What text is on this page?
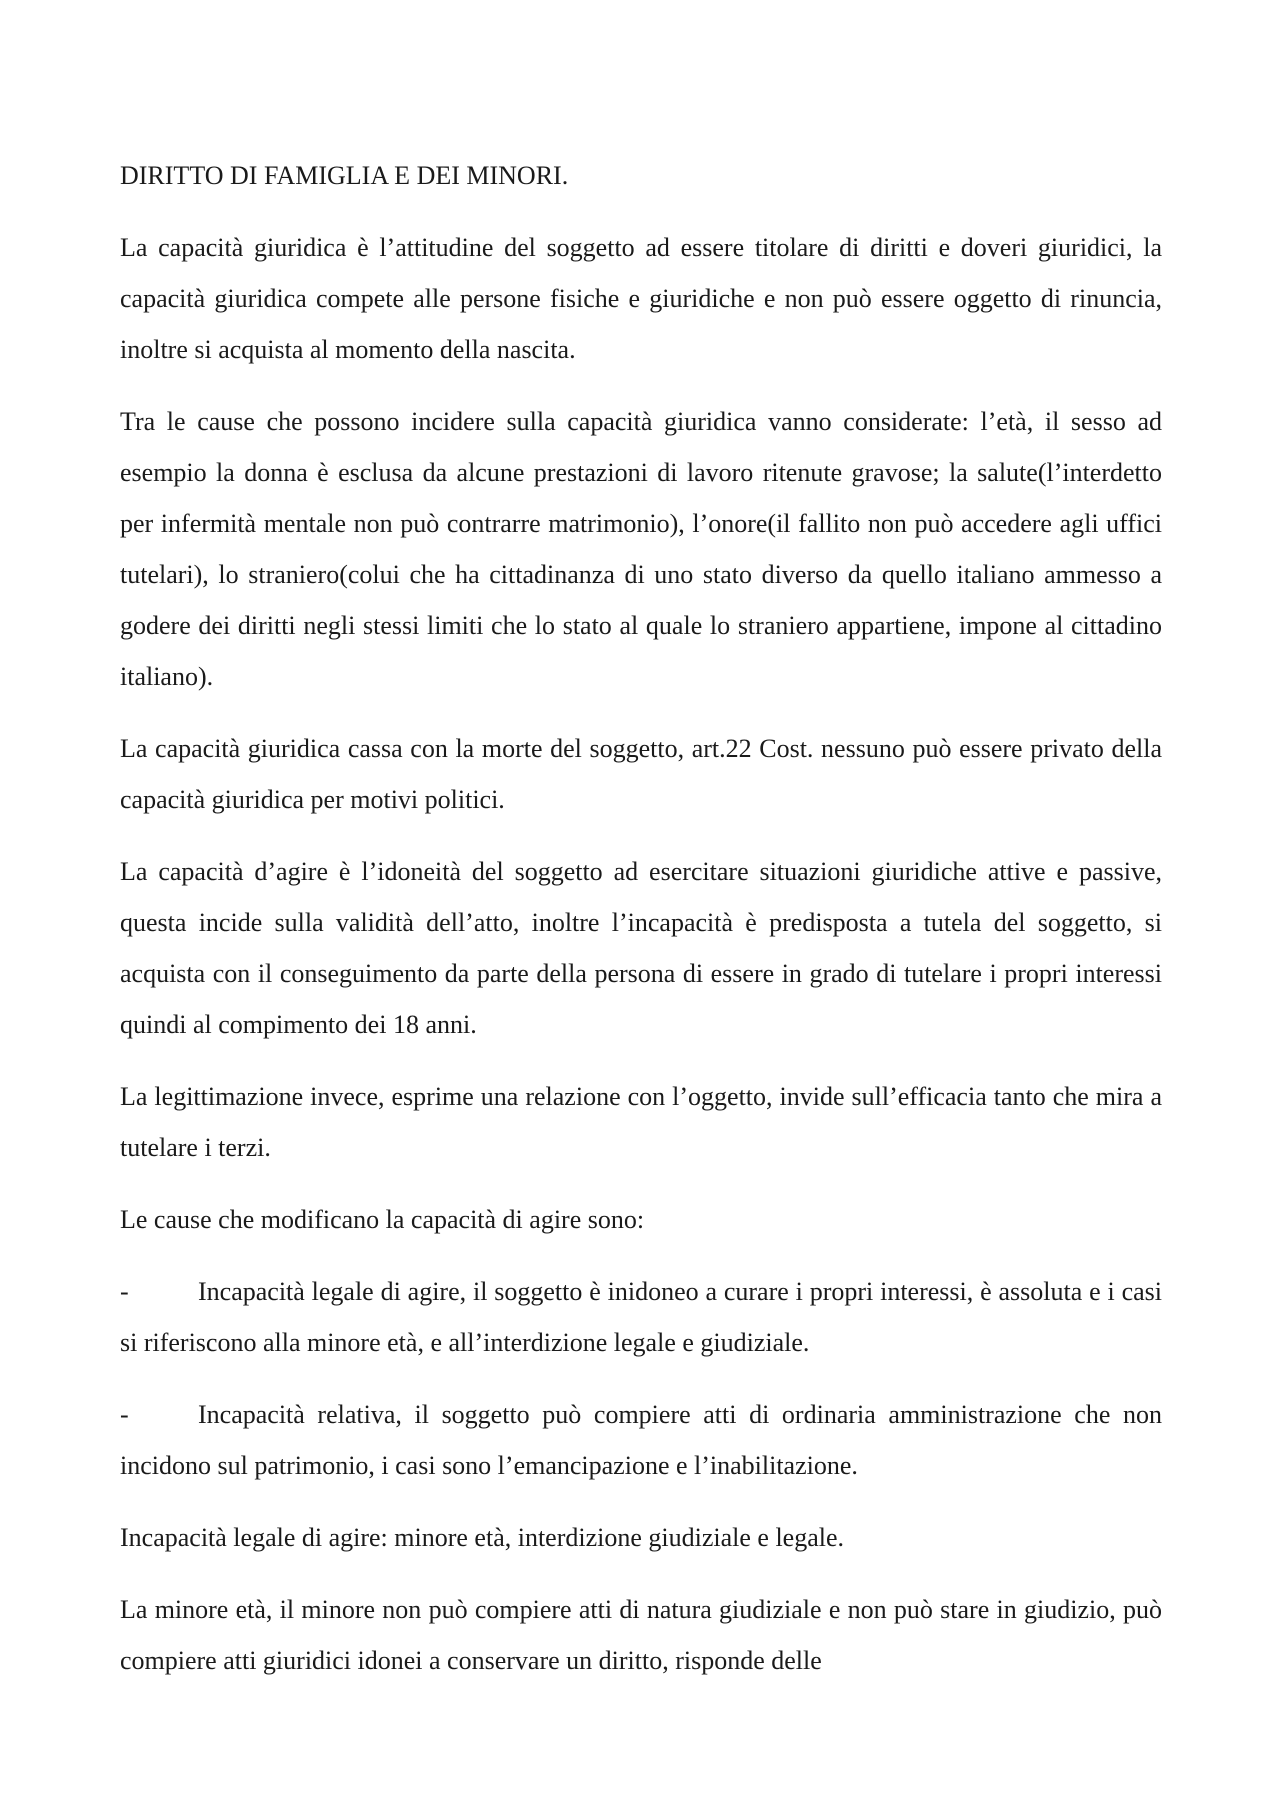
DIRITTO DI FAMIGLIA E DEI MINORI.

La capacità giuridica è l’attitudine del soggetto ad essere titolare di diritti e doveri giuridici, la capacità giuridica compete alle persone fisiche e giuridiche e non può essere oggetto di rinuncia, inoltre si acquista al momento della nascita.

Tra le cause che possono incidere sulla capacità giuridica vanno considerate: l’età, il sesso ad esempio la donna è esclusa da alcune prestazioni di lavoro ritenute gravose; la salute(l’interdetto per infermità mentale non può contrarre matrimonio), l’onore(il fallito non può accedere agli uffici tutelari), lo straniero(colui che ha cittadinanza di uno stato diverso da quello italiano ammesso a godere dei diritti negli stessi limiti che lo stato al quale lo straniero appartiene, impone al cittadino italiano).

La capacità giuridica cassa con la morte del soggetto, art.22 Cost. nessuno può essere privato della capacità giuridica per motivi politici.

La capacità d’agire è l’idoneità del soggetto ad esercitare situazioni giuridiche attive e passive, questa incide sulla validità dell’atto, inoltre l’incapacità è predisposta a tutela del soggetto, si acquista con il conseguimento da parte della persona di essere in grado di tutelare i propri interessi quindi al compimento dei 18 anni.

La legittimazione invece, esprime una relazione con l’oggetto, invide sull’efficacia tanto che mira a tutelare i terzi.

Le cause che modificano la capacità di agire sono:

-	Incapacità legale di agire, il soggetto è inidoneo a curare i propri interessi, è assoluta e i casi si riferiscono alla minore età, e all’interdizione legale e giudiziale.

-	Incapacità relativa, il soggetto può compiere atti di ordinaria amministrazione che non incidono sul patrimonio, i casi sono l’emancipazione e l’inabilitazione.

Incapacità legale di agire: minore età, interdizione giudiziale e legale.

La minore età, il minore non può compiere atti di natura giudiziale e non può stare in giudizio, può compiere atti giuridici idonei a conservare un diritto, risponde delle
